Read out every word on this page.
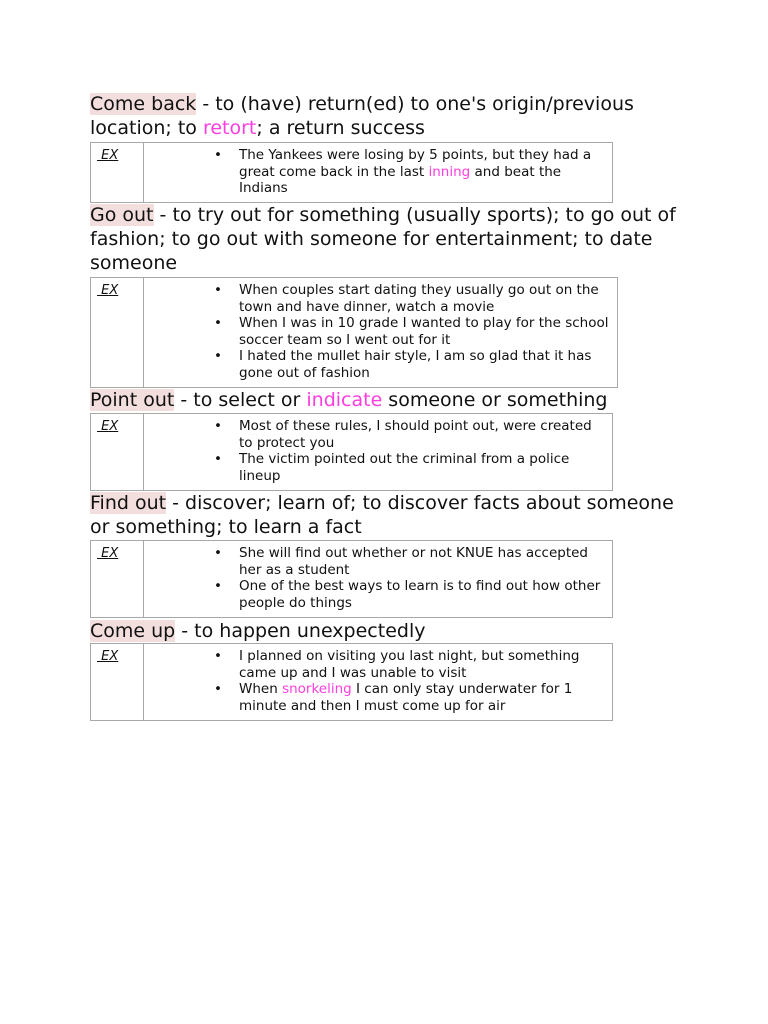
Come back - to (have) return(ed) to one's origin/previous location; to retort; a return success

EX	• The Yankees were losing by 5 points, but they had a great come back in the last inning and beat the Indians

Go out - to try out for something (usually sports); to go out of fashion; to go out with someone for entertainment; to date someone

EX	• When couples start dating they usually go out on the town and have dinner, watch a movie
• When I was in 10 grade I wanted to play for the school soccer team so I went out for it
• I hated the mullet hair style, I am so glad that it has gone out of fashion

Point out - to select or indicate someone or something

EX	• Most of these rules, I should point out, were created to protect you
• The victim pointed out the criminal from a police lineup

Find out - discover; learn of; to discover facts about someone or something; to learn a fact

EX	• She will find out whether or not KNUE has accepted her as a student
• One of the best ways to learn is to find out how other people do things

Come up - to happen unexpectedly

EX	• I planned on visiting you last night, but something came up and I was unable to visit
• When snorkeling I can only stay underwater for 1 minute and then I must come up for air
